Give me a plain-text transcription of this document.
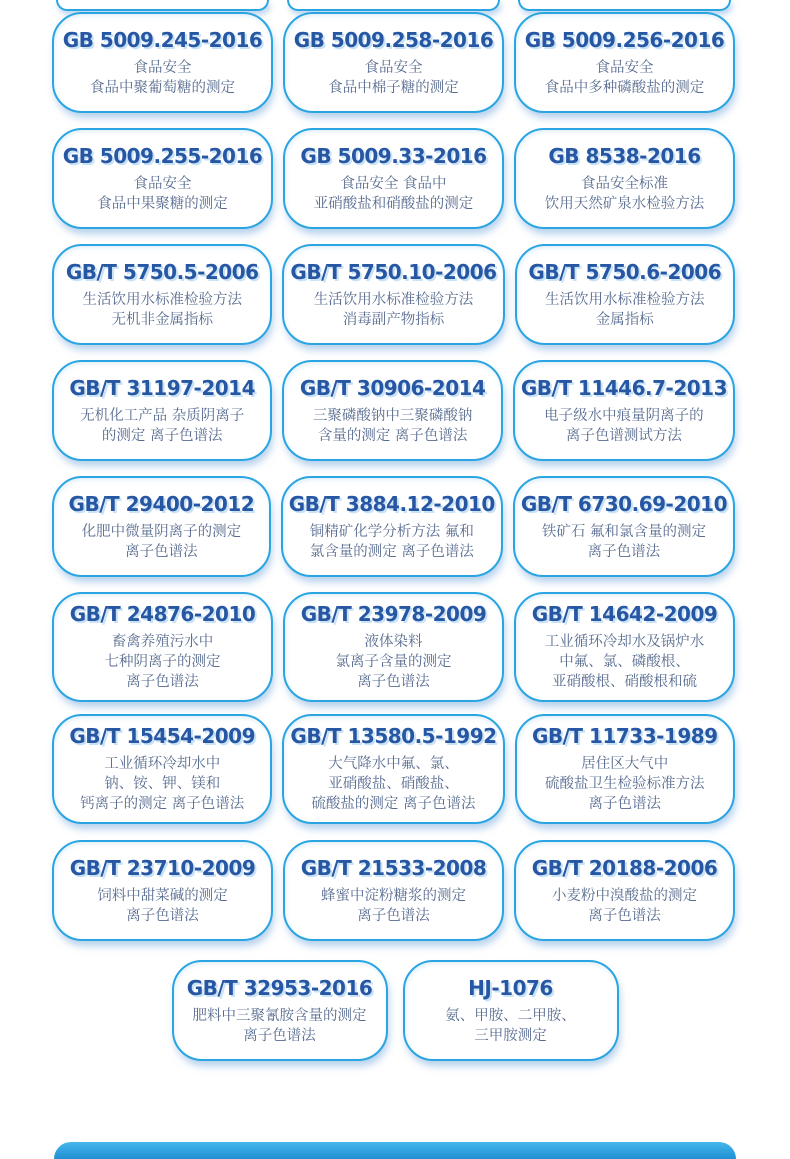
GB 5009.245-2016
食品安全
食品中聚葡萄糖的测定
GB 5009.258-2016
食品安全
食品中棉子糖的测定
GB 5009.256-2016
食品安全
食品中多种磷酸盐的测定
GB 5009.255-2016
食品安全
食品中果聚糖的测定
GB 5009.33-2016
食品安全 食品中
亚硝酸盐和硝酸盐的测定
GB 8538-2016
食品安全标准
饮用天然矿泉水检验方法
GB/T 5750.5-2006
生活饮用水标准检验方法
无机非金属指标
GB/T 5750.10-2006
生活饮用水标准检验方法
消毒副产物指标
GB/T 5750.6-2006
生活饮用水标准检验方法
金属指标
GB/T 31197-2014
无机化工产品 杂质阴离子
的测定 离子色谱法
GB/T 30906-2014
三聚磷酸钠中三聚磷酸钠
含量的测定 离子色谱法
GB/T 11446.7-2013
电子级水中痕量阴离子的
离子色谱测试方法
GB/T 29400-2012
化肥中微量阴离子的测定
离子色谱法
GB/T 3884.12-2010
铜精矿化学分析方法 氟和
氯含量的测定 离子色谱法
GB/T 6730.69-2010
铁矿石 氟和氯含量的测定
离子色谱法
GB/T 24876-2010
畜禽养殖污水中
七种阴离子的测定
离子色谱法
GB/T 23978-2009
液体染料
氯离子含量的测定
离子色谱法
GB/T 14642-2009
工业循环冷却水及锅炉水
中氟、氯、磷酸根、
亚硝酸根、硝酸根和硫
GB/T 15454-2009
工业循环冷却水中
钠、铵、钾、镁和
钙离子的测定 离子色谱法
GB/T 13580.5-1992
大气降水中氟、氯、
亚硝酸盐、硝酸盐、
硫酸盐的测定 离子色谱法
GB/T 11733-1989
居住区大气中
硫酸盐卫生检验标准方法
离子色谱法
GB/T 23710-2009
饲料中甜菜碱的测定
离子色谱法
GB/T 21533-2008
蜂蜜中淀粉糖浆的测定
离子色谱法
GB/T 20188-2006
小麦粉中溴酸盐的测定
离子色谱法
GB/T 32953-2016
肥料中三聚氰胺含量的测定
离子色谱法
HJ-1076
氨、甲胺、二甲胺、
三甲胺测定
